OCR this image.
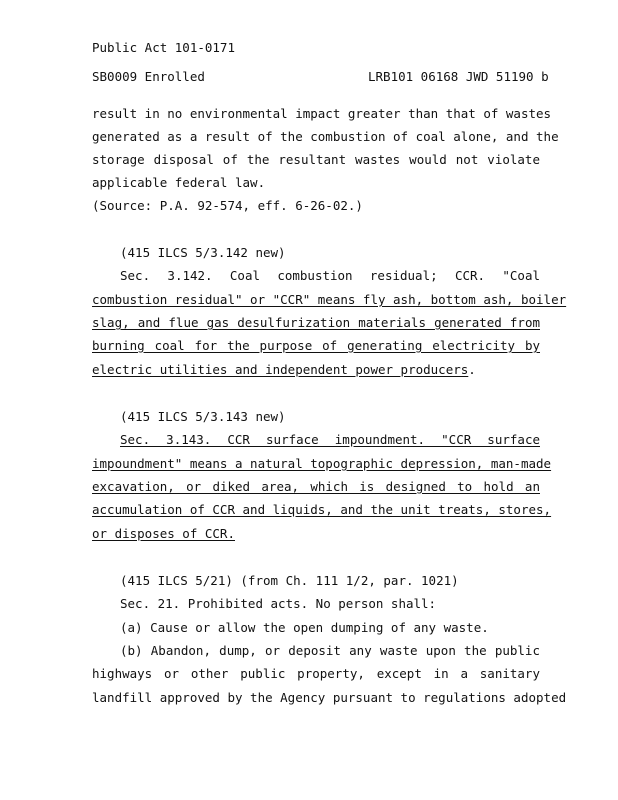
Public Act 101-0171
SB0009 Enrolled	LRB101 06168 JWD 51190 b
result in no environmental impact greater than that of wastes
generated as a result of the combustion of coal alone, and the
storage disposal of the resultant wastes would not violate
applicable federal law.
(Source: P.A. 92-574, eff. 6-26-02.)
(415 ILCS 5/3.142 new)
Sec. 3.142. Coal combustion residual; CCR. "Coal
combustion residual" or "CCR" means fly ash, bottom ash, boiler
slag, and flue gas desulfurization materials generated from
burning coal for the purpose of generating electricity by
electric utilities and independent power producers.
(415 ILCS 5/3.143 new)
Sec. 3.143. CCR surface impoundment. "CCR surface
impoundment" means a natural topographic depression, man-made
excavation, or diked area, which is designed to hold an
accumulation of CCR and liquids, and the unit treats, stores,
or disposes of CCR.
(415 ILCS 5/21) (from Ch. 111 1/2, par. 1021)
Sec. 21. Prohibited acts. No person shall:
(a) Cause or allow the open dumping of any waste.
(b) Abandon, dump, or deposit any waste upon the public
highways or other public property, except in a sanitary
landfill approved by the Agency pursuant to regulations adopted
